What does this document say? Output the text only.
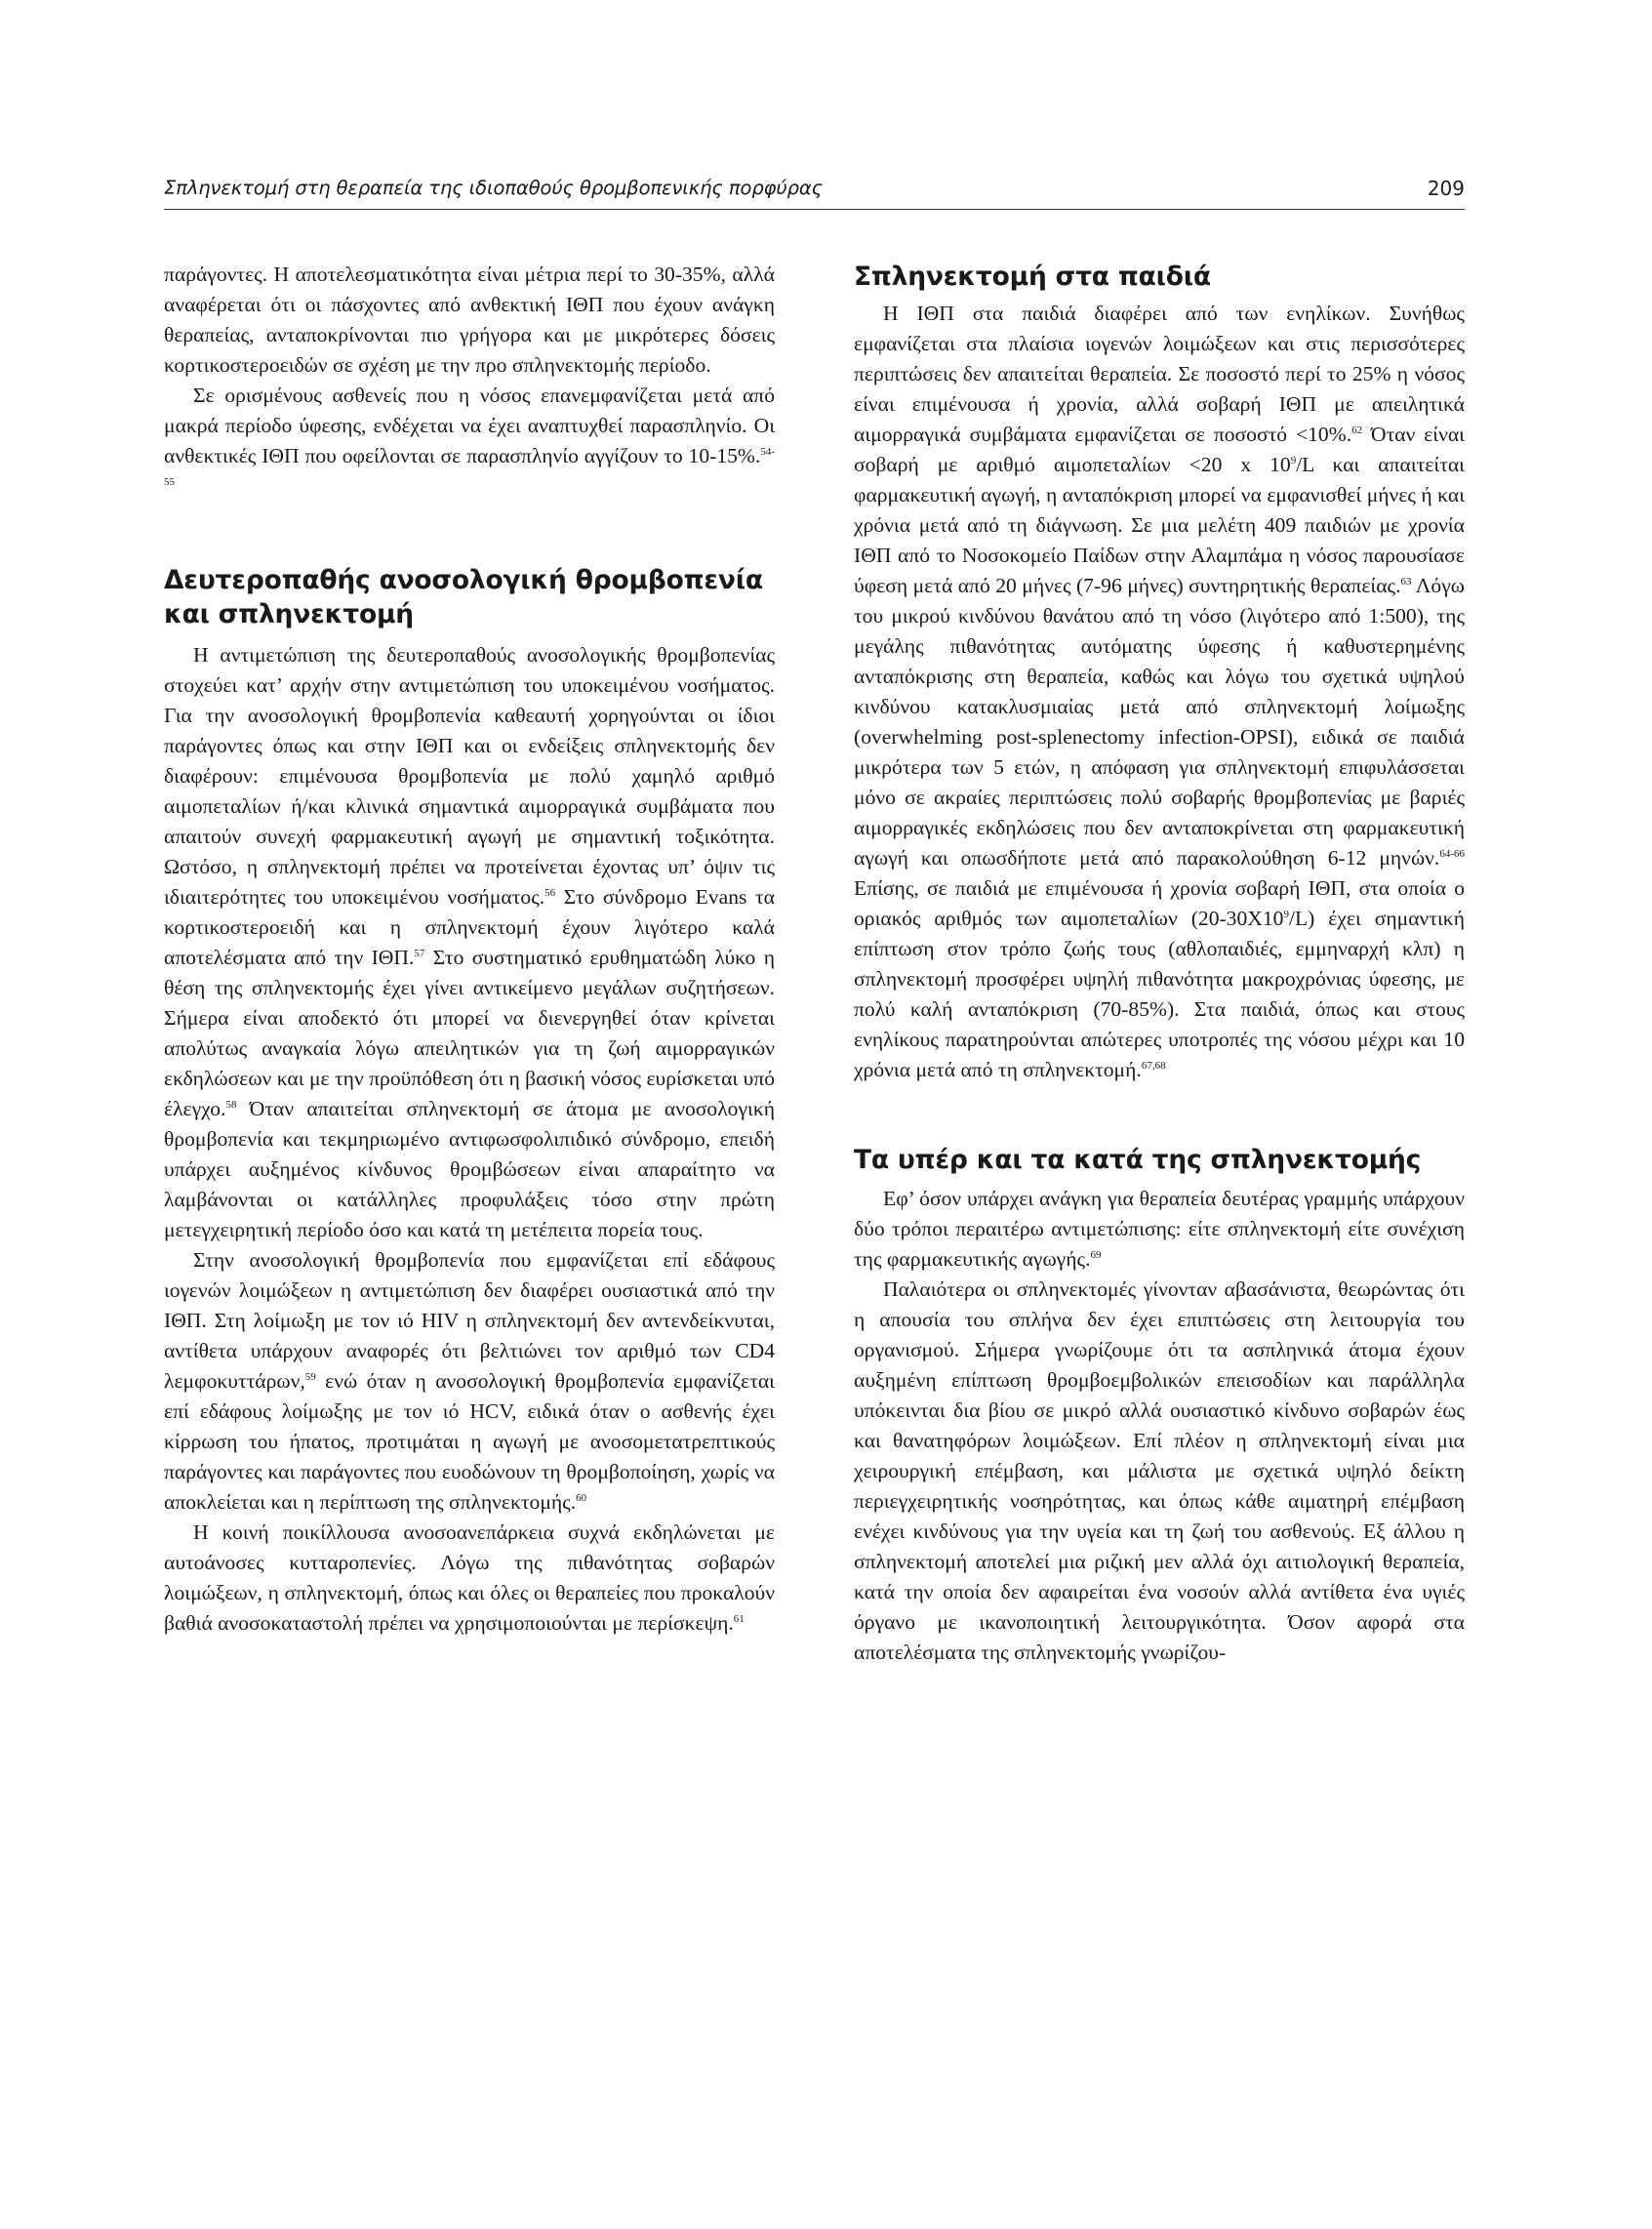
Σπληνεκτομή στη θεραπεία της ιδιοπαθούς θρομβοπενικής πορφύρας	209

παράγοντες. Η αποτελεσματικότητα είναι μέτρια περί το 30-35%, αλλά αναφέρεται ότι οι πάσχοντες από ανθεκτική ΙΘΠ που έχουν ανάγκη θεραπείας, ανταποκρίνονται πιο γρήγορα και με μικρότερες δόσεις κορτικοστεροειδών σε σχέση με την προ σπληνεκτομής περίοδο.

Σε ορισμένους ασθενείς που η νόσος επανεμφανίζεται μετά από μακρά περίοδο ύφεσης, ενδέχεται να έχει αναπτυχθεί παρασπληνίο. Οι ανθεκτικές ΙΘΠ που οφείλονται σε παρασπληνίο αγγίζουν το 10-15%.$^{54-55}$

Δευτεροπαθής ανοσολογική θρομβοπενία και σπληνεκτομή

Η αντιμετώπιση της δευτεροπαθούς ανοσολογικής θρομβοπενίας στοχεύει κατ’ αρχήν στην αντιμετώπιση του υποκειμένου νοσήματος. Για την ανοσολογική θρομβοπενία καθεαυτή χορηγούνται οι ίδιοι παράγοντες όπως και στην ΙΘΠ και οι ενδείξεις σπληνεκτομής δεν διαφέρουν: επιμένουσα θρομβοπενία με πολύ χαμηλό αριθμό αιμοπεταλίων ή/και κλινικά σημαντικά αιμορραγικά συμβάματα που απαιτούν συνεχή φαρμακευτική αγωγή με σημαντική τοξικότητα. Ωστόσο, η σπληνεκτομή πρέπει να προτείνεται έχοντας υπ’ όψιν τις ιδιαιτερότητες του υποκειμένου νοσήματος.$^{56}$ Στο σύνδρομο Evans τα κορτικοστεροειδή και η σπληνεκτομή έχουν λιγότερο καλά αποτελέσματα από την ΙΘΠ.$^{57}$ Στο συστηματικό ερυθηματώδη λύκο η θέση της σπληνεκτομής έχει γίνει αντικείμενο μεγάλων συζητήσεων. Σήμερα είναι αποδεκτό ότι μπορεί να διενεργηθεί όταν κρίνεται απολύτως αναγκαία λόγω απειλητικών για τη ζωή αιμορραγικών εκδηλώσεων και με την προϋπόθεση ότι η βασική νόσος ευρίσκεται υπό έλεγχο.$^{58}$ Όταν απαιτείται σπληνεκτομή σε άτομα με ανοσολογική θρομβοπενία και τεκμηριωμένο αντιφωσφολιπιδικό σύνδρομο, επειδή υπάρχει αυξημένος κίνδυνος θρομβώσεων είναι απαραίτητο να λαμβάνονται οι κατάλληλες προφυλάξεις τόσο στην πρώτη μετεγχειρητική περίοδο όσο και κατά τη μετέπειτα πορεία τους.

Στην ανοσολογική θρομβοπενία που εμφανίζεται επί εδάφους ιογενών λοιμώξεων η αντιμετώπιση δεν διαφέρει ουσιαστικά από την ΙΘΠ. Στη λοίμωξη με τον ιό HIV η σπληνεκτομή δεν αντενδείκνυται, αντίθετα υπάρχουν αναφορές ότι βελτιώνει τον αριθμό των CD4 λεμφοκυττάρων,$^{59}$ ενώ όταν η ανοσολογική θρομβοπενία εμφανίζεται επί εδάφους λοίμωξης με τον ιό HCV, ειδικά όταν ο ασθενής έχει κίρρωση του ήπατος, προτιμάται η αγωγή με ανοσομετατρεπτικούς παράγοντες και παράγοντες που ευοδώνουν τη θρομβοποίηση, χωρίς να αποκλείεται και η περίπτωση της σπληνεκτομής.$^{60}$

Η κοινή ποικίλλουσα ανοσοανεπάρκεια συχνά εκδηλώνεται με αυτοάνοσες κυτταροπενίες. Λόγω της πιθανότητας σοβαρών λοιμώξεων, η σπληνεκτομή, όπως και όλες οι θεραπείες που προκαλούν βαθιά ανοσοκαταστολή πρέπει να χρησιμοποιούνται με περίσκεψη.$^{61}$

Σπληνεκτομή στα παιδιά

Η ΙΘΠ στα παιδιά διαφέρει από των ενηλίκων. Συνήθως εμφανίζεται στα πλαίσια ιογενών λοιμώξεων και στις περισσότερες περιπτώσεις δεν απαιτείται θεραπεία. Σε ποσοστό περί το 25% η νόσος είναι επιμένουσα ή χρονία, αλλά σοβαρή ΙΘΠ με απειλητικά αιμορραγικά συμβάματα εμφανίζεται σε ποσοστό <10%.$^{62}$ Όταν είναι σοβαρή με αριθμό αιμοπεταλίων <20 x $10^9/L$ και απαιτείται φαρμακευτική αγωγή, η ανταπόκριση μπορεί να εμφανισθεί μήνες ή και χρόνια μετά από τη διάγνωση. Σε μια μελέτη 409 παιδιών με χρονία ΙΘΠ από το Νοσοκομείο Παίδων στην Αλαμπάμα η νόσος παρουσίασε ύφεση μετά από 20 μήνες (7-96 μήνες) συντηρητικής θεραπείας.$^{63}$ Λόγω του μικρού κινδύνου θανάτου από τη νόσο (λιγότερο από 1:500), της μεγάλης πιθανότητας αυτόματης ύφεσης ή καθυστερημένης ανταπόκρισης στη θεραπεία, καθώς και λόγω του σχετικά υψηλού κινδύνου κατακλυσμιαίας μετά από σπληνεκτομή λοίμωξης (overwhelming post-splenectomy infection-OPSI), ειδικά σε παιδιά μικρότερα των 5 ετών, η απόφαση για σπληνεκτομή επιφυλάσσεται μόνο σε ακραίες περιπτώσεις πολύ σοβαρής θρομβοπενίας με βαριές αιμορραγικές εκδηλώσεις που δεν ανταποκρίνεται στη φαρμακευτική αγωγή και οπωσδήποτε μετά από παρακολούθηση 6-12 μηνών.$^{64-66}$ Επίσης, σε παιδιά με επιμένουσα ή χρονία σοβαρή ΙΘΠ, στα οποία ο οριακός αριθμός των αιμοπεταλίων $(20-30X10^9/L)$ έχει σημαντική επίπτωση στον τρόπο ζωής τους (αθλοπαιδιές, εμμηναρχή κλπ) η σπληνεκτομή προσφέρει υψηλή πιθανότητα μακροχρόνιας ύφεσης, με πολύ καλή ανταπόκριση (70-85%). Στα παιδιά, όπως και στους ενηλίκους παρατηρούνται απώτερες υποτροπές της νόσου μέχρι και 10 χρόνια μετά από τη σπληνεκτομή.$^{67,68}$

Τα υπέρ και τα κατά της σπληνεκτομής

Εφ’ όσον υπάρχει ανάγκη για θεραπεία δευτέρας γραμμής υπάρχουν δύο τρόποι περαιτέρω αντιμετώπισης: είτε σπληνεκτομή είτε συνέχιση της φαρμακευτικής αγωγής.$^{69}$

Παλαιότερα οι σπληνεκτομές γίνονταν αβασάνιστα, θεωρώντας ότι η απουσία του σπλήνα δεν έχει επιπτώσεις στη λειτουργία του οργανισμού. Σήμερα γνωρίζουμε ότι τα ασπληνικά άτομα έχουν αυξημένη επίπτωση θρομβοεμβολικών επεισοδίων και παράλληλα υπόκεινται δια βίου σε μικρό αλλά ουσιαστικό κίνδυνο σοβαρών έως και θανατηφόρων λοιμώξεων. Επί πλέον η σπληνεκτομή είναι μια χειρουργική επέμβαση, και μάλιστα με σχετικά υψηλό δείκτη περιεγχειρητικής νοσηρότητας, και όπως κάθε αιματηρή επέμβαση ενέχει κινδύνους για την υγεία και τη ζωή του ασθενούς. Εξ άλλου η σπληνεκτομή αποτελεί μια ριζική μεν αλλά όχι αιτιολογική θεραπεία, κατά την οποία δεν αφαιρείται ένα νοσούν αλλά αντίθετα ένα υγιές όργανο με ικανοποιητική λειτουργικότητα. Όσον αφορά στα αποτελέσματα της σπληνεκτομής γνωρίζου-
